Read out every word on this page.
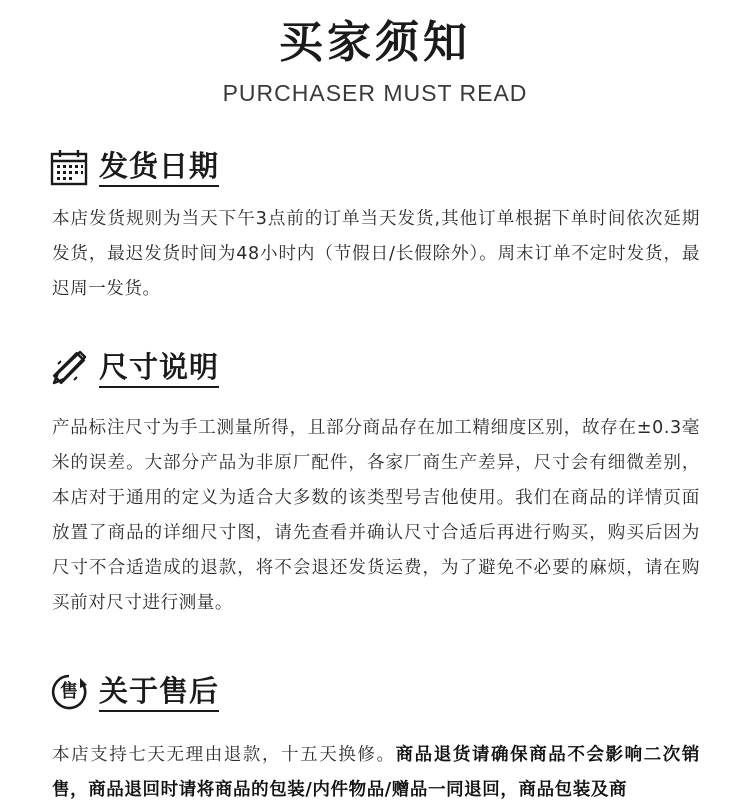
买家须知
PURCHASER MUST READ
发货日期

本店发货规则为当天下午3点前的订单当天发货,其他订单根据下单时间依次延期发货，最迟发货时间为48小时内（节假日/长假除外）。周末订单不定时发货，最迟周一发货。

尺寸说明

产品标注尺寸为手工测量所得，且部分商品存在加工精细度区别，故存在±0.3毫米的误差。大部分产品为非原厂配件，各家厂商生产差异，尺寸会有细微差别，本店对于通用的定义为适合大多数的该类型号吉他使用。我们在商品的详情页面放置了商品的详细尺寸图，请先查看并确认尺寸合适后再进行购买，购买后因为尺寸不合适造成的退款，将不会退还发货运费，为了避免不必要的麻烦，请在购买前对尺寸进行测量。

售 关于售后

本店支持七天无理由退款，十五天换修。商品退货请确保商品不会影响二次销售，商品退回时请将商品的包装/内件物品/赠品一同退回，商品包装及商
